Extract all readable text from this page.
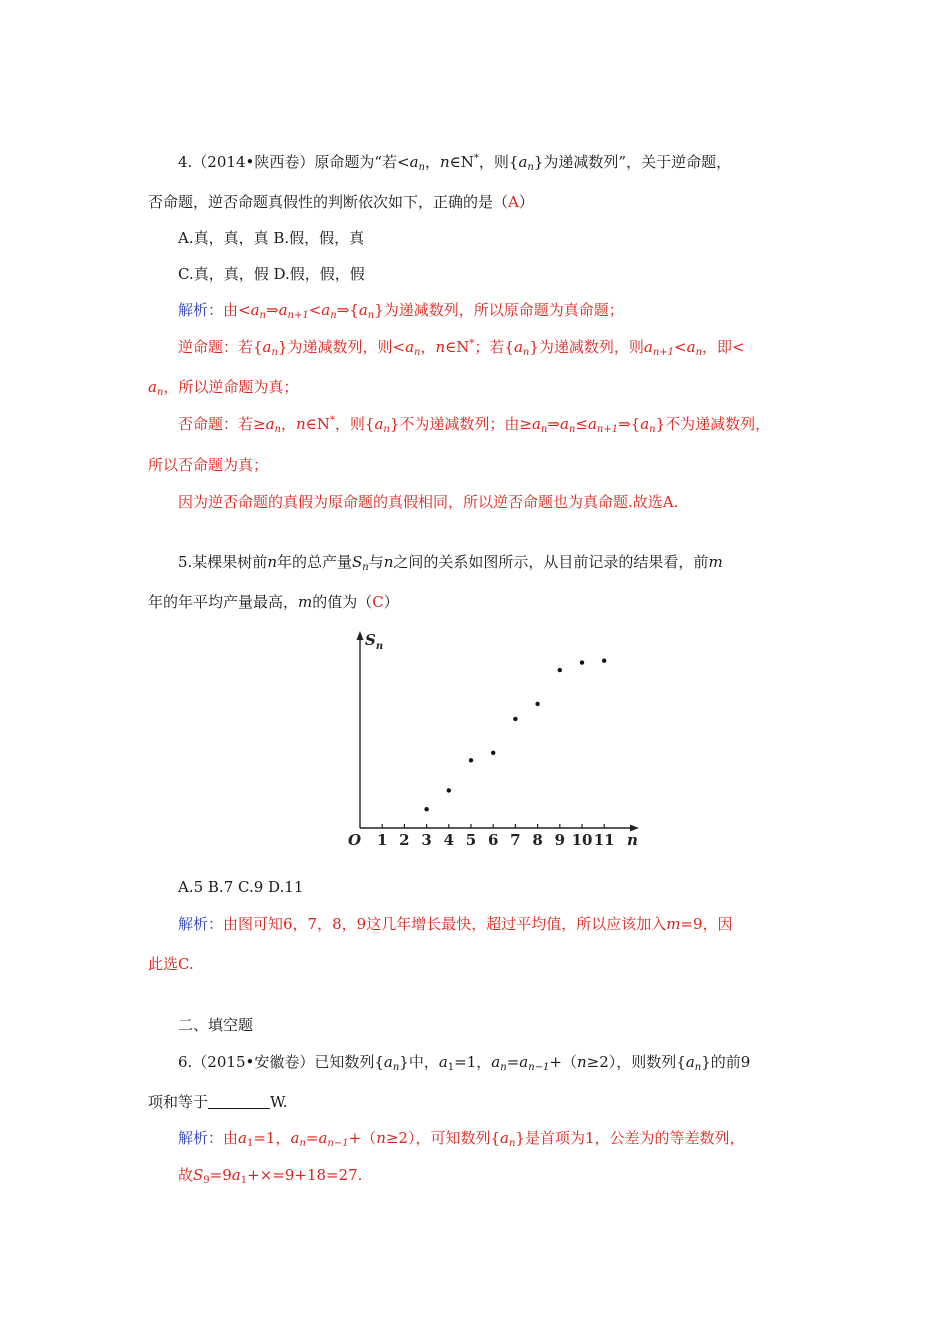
4.（2014•陕西卷）原命题为“若$<a_n$，n∈N*，则$\{a_n\}$为递减数列”，关于逆命题，
否命题，逆否命题真假性的判断依次如下，正确的是（A）
A.真，真，真 B.假，假，真
C.真，真，假 D.假，假，假
解析：由$<a_n\Rightarrow a_{n+1}<a_n\Rightarrow\{a_n\}$为递减数列，所以原命题为真命题；
逆命题：若$\{a_n\}$为递减数列，则$<a_n$，n∈N*；若$\{a_n\}$为递减数列，则$a_{n+1}<a_n$，即<
$a_n$，所以逆命题为真；
否命题：若$\ge a_n$，n∈N*，则$\{a_n\}$不为递减数列；由$\ge a_n\Rightarrow a_n\le a_{n+1}\Rightarrow\{a_n\}$不为递减数列，
所以否命题为真；
因为逆否命题的真假为原命题的真假相同，所以逆否命题也为真命题.故选A.
5.某棵果树前n年的总产量$S_n$与n之间的关系如图所示，从目前记录的结果看，前m
年的年平均产量最高，m的值为（C）
O	n
$S_n$
1 2 3 4 5 6 7 8 9 10 11
A.5 B.7 C.9 D.11
解析：由图可知6，7，8，9这几年增长最快，超过平均值，所以应该加入m=9，因
此选C.
二、填空题
6.（2015•安徽卷）已知数列$\{a_n\}$中，$a_1=1$，$a_n=a_{n-1}+(n\ge 2)$，则数列$\{a_n\}$的前9
项和等于	W.
解析：由$a_1=1$，$a_n=a_{n-1}+(n\ge 2)$，可知数列$\{a_n\}$是首项为1，公差为的等差数列，
故$S_9=9a_1+\times=9+18=27$.
